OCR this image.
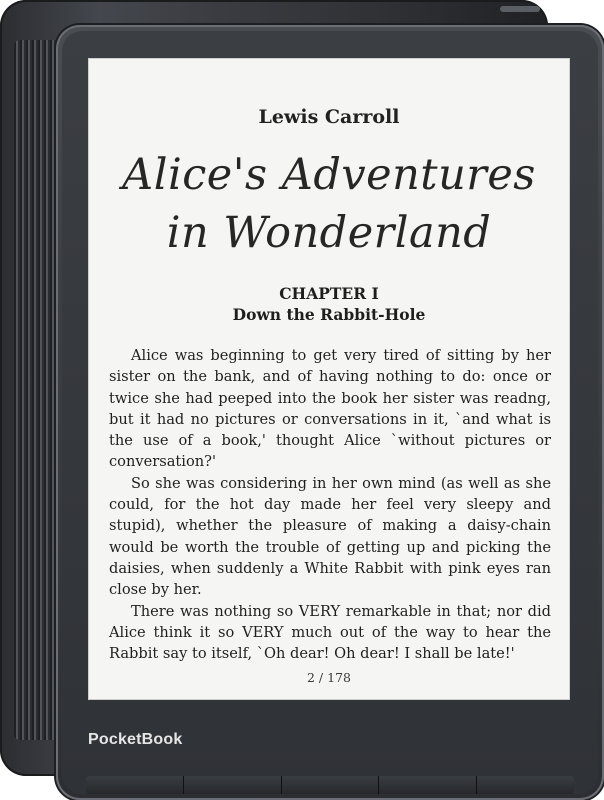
Lewis Carroll
Alice's Adventures
in Wonderland
CHAPTER I
Down the Rabbit-Hole

Alice was beginning to get very tired of sitting by her sister on the bank, and of having nothing to do: once or twice she had peeped into the book her sister was readng, but it had no pictures or conversations in it, `and what is the use of a book,' thought Alice `without pictures or conversation?'

So she was considering in her own mind (as well as she could, for the hot day made her feel very sleepy and stupid), whether the pleasure of making a daisy-chain would be worth the trouble of getting up and picking the daisies, when suddenly a White Rabbit with pink eyes ran close by her.

There was nothing so VERY remarkable in that; nor did Alice think it so VERY much out of the way to hear the Rabbit say to itself, `Oh dear! Oh dear! I shall be late!'

2 / 178
PocketBook
